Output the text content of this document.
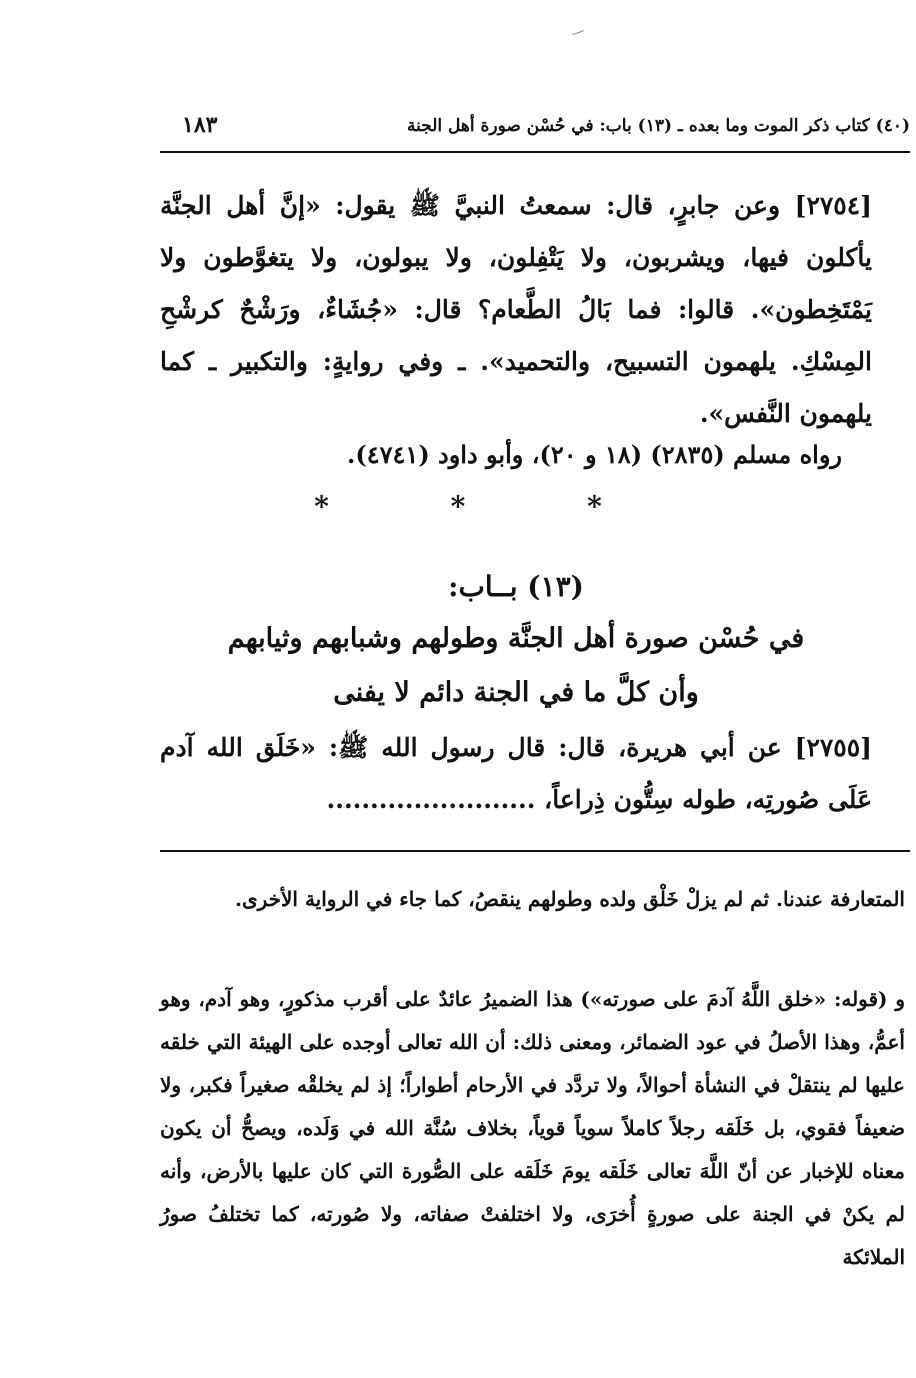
(٤٠) كتاب ذكر الموت وما بعده ـ (١٣) باب: في حُسْن صورة أهل الجنة
١٨٣

[٢٧٥٤] وعن جابرٍ، قال: سمعتُ النبيَّ ﷺ يقول: «إنَّ أهل الجنَّة يأكلون فيها، ويشربون، ولا يَتْفِلون، ولا يبولون، ولا يتغوَّطون ولا يَمْتَخِطون». قالوا: فما بَالُ الطَّعام؟ قال: «جُشَاءٌ، ورَشْحٌ كرشْحِ المِسْكِ. يلهمون التسبيح، والتحميد». ـ وفي روايةٍ: والتكبير ـ كما يلهمون النَّفس».

رواه مسلم (٢٨٣٥) (١٨ و ٢٠)، وأبو داود (٤٧٤١).

* * *
(١٣) بــاب:
في حُسْن صورة أهل الجنَّة وطولهم وشبابهم وثيابهم
وأن كلَّ ما في الجنة دائم لا يفنى

[٢٧٥٥] عن أبي هريرة، قال: قال رسول الله ﷺ: «خَلَق الله آدم عَلَى صُورتِه، طوله سِتُّون ذِراعاً، ........................

المتعارفة عندنا. ثم لم يزلْ خَلْق ولده وطولهم ينقصُ، كما جاء في الرواية الأخرى.

و (قوله: «خلق اللَّهُ آدمَ على صورته») هذا الضميرُ عائدٌ على أقرب مذكورٍ، وهو آدم، وهو أعمُّ، وهذا الأصلُ في عود الضمائر، ومعنى ذلك: أن الله تعالى أوجده على الهيئة التي خلقه عليها لم ينتقلْ في النشأة أحوالاً، ولا تردَّد في الأرحام أطواراً؛ إذ لم يخلقْه صغيراً فكبر، ولا ضعيفاً فقوي، بل خَلَقه رجلاً كاملاً سوياً قوياً، بخلاف سُنَّة الله في وَلَده، ويصحُّ أن يكون معناه للإخبار عن أنّ اللَّهَ تعالى خَلَقه يومَ خَلَقه على الصُّورة التي كان عليها بالأرض، وأنه لم يكنْ في الجنة على صورةٍ أُخرَى، ولا اختلفتْ صفاته، ولا صُورته، كما تختلفُ صورُ الملائكة
